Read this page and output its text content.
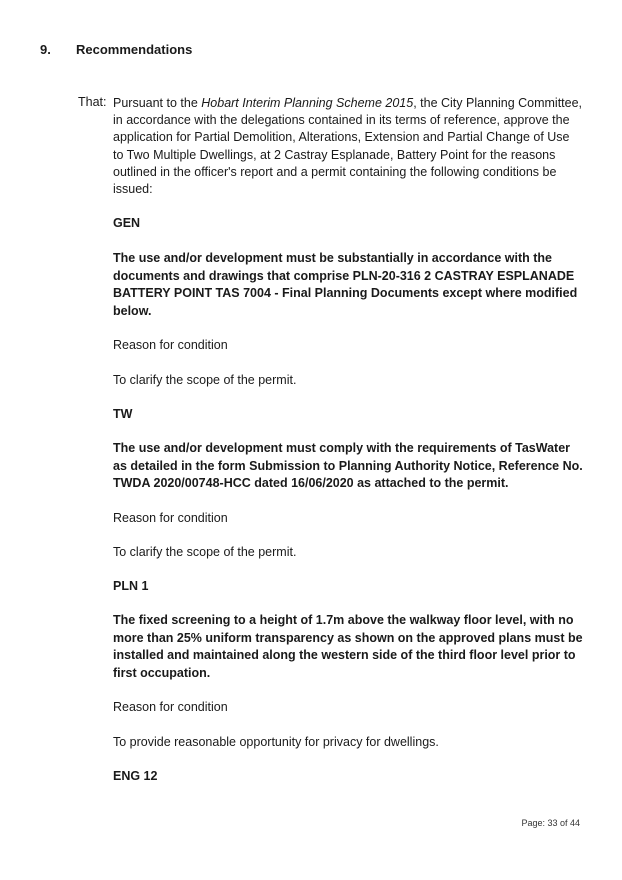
9. Recommendations
That: Pursuant to the Hobart Interim Planning Scheme 2015, the City Planning Committee, in accordance with the delegations contained in its terms of reference, approve the application for Partial Demolition, Alterations, Extension and Partial Change of Use to Two Multiple Dwellings, at 2 Castray Esplanade, Battery Point for the reasons outlined in the officer's report and a permit containing the following conditions be issued:
GEN
The use and/or development must be substantially in accordance with the documents and drawings that comprise PLN-20-316 2 CASTRAY ESPLANADE BATTERY POINT TAS 7004 - Final Planning Documents except where modified below.
Reason for condition
To clarify the scope of the permit.
TW
The use and/or development must comply with the requirements of TasWater as detailed in the form Submission to Planning Authority Notice, Reference No. TWDA 2020/00748-HCC dated 16/06/2020 as attached to the permit.
Reason for condition
To clarify the scope of the permit.
PLN 1
The fixed screening to a height of 1.7m above the walkway floor level, with no more than 25% uniform transparency as shown on the approved plans must be installed and maintained along the western side of the third floor level prior to first occupation.
Reason for condition
To provide reasonable opportunity for privacy for dwellings.
ENG 12
Page: 33 of 44
